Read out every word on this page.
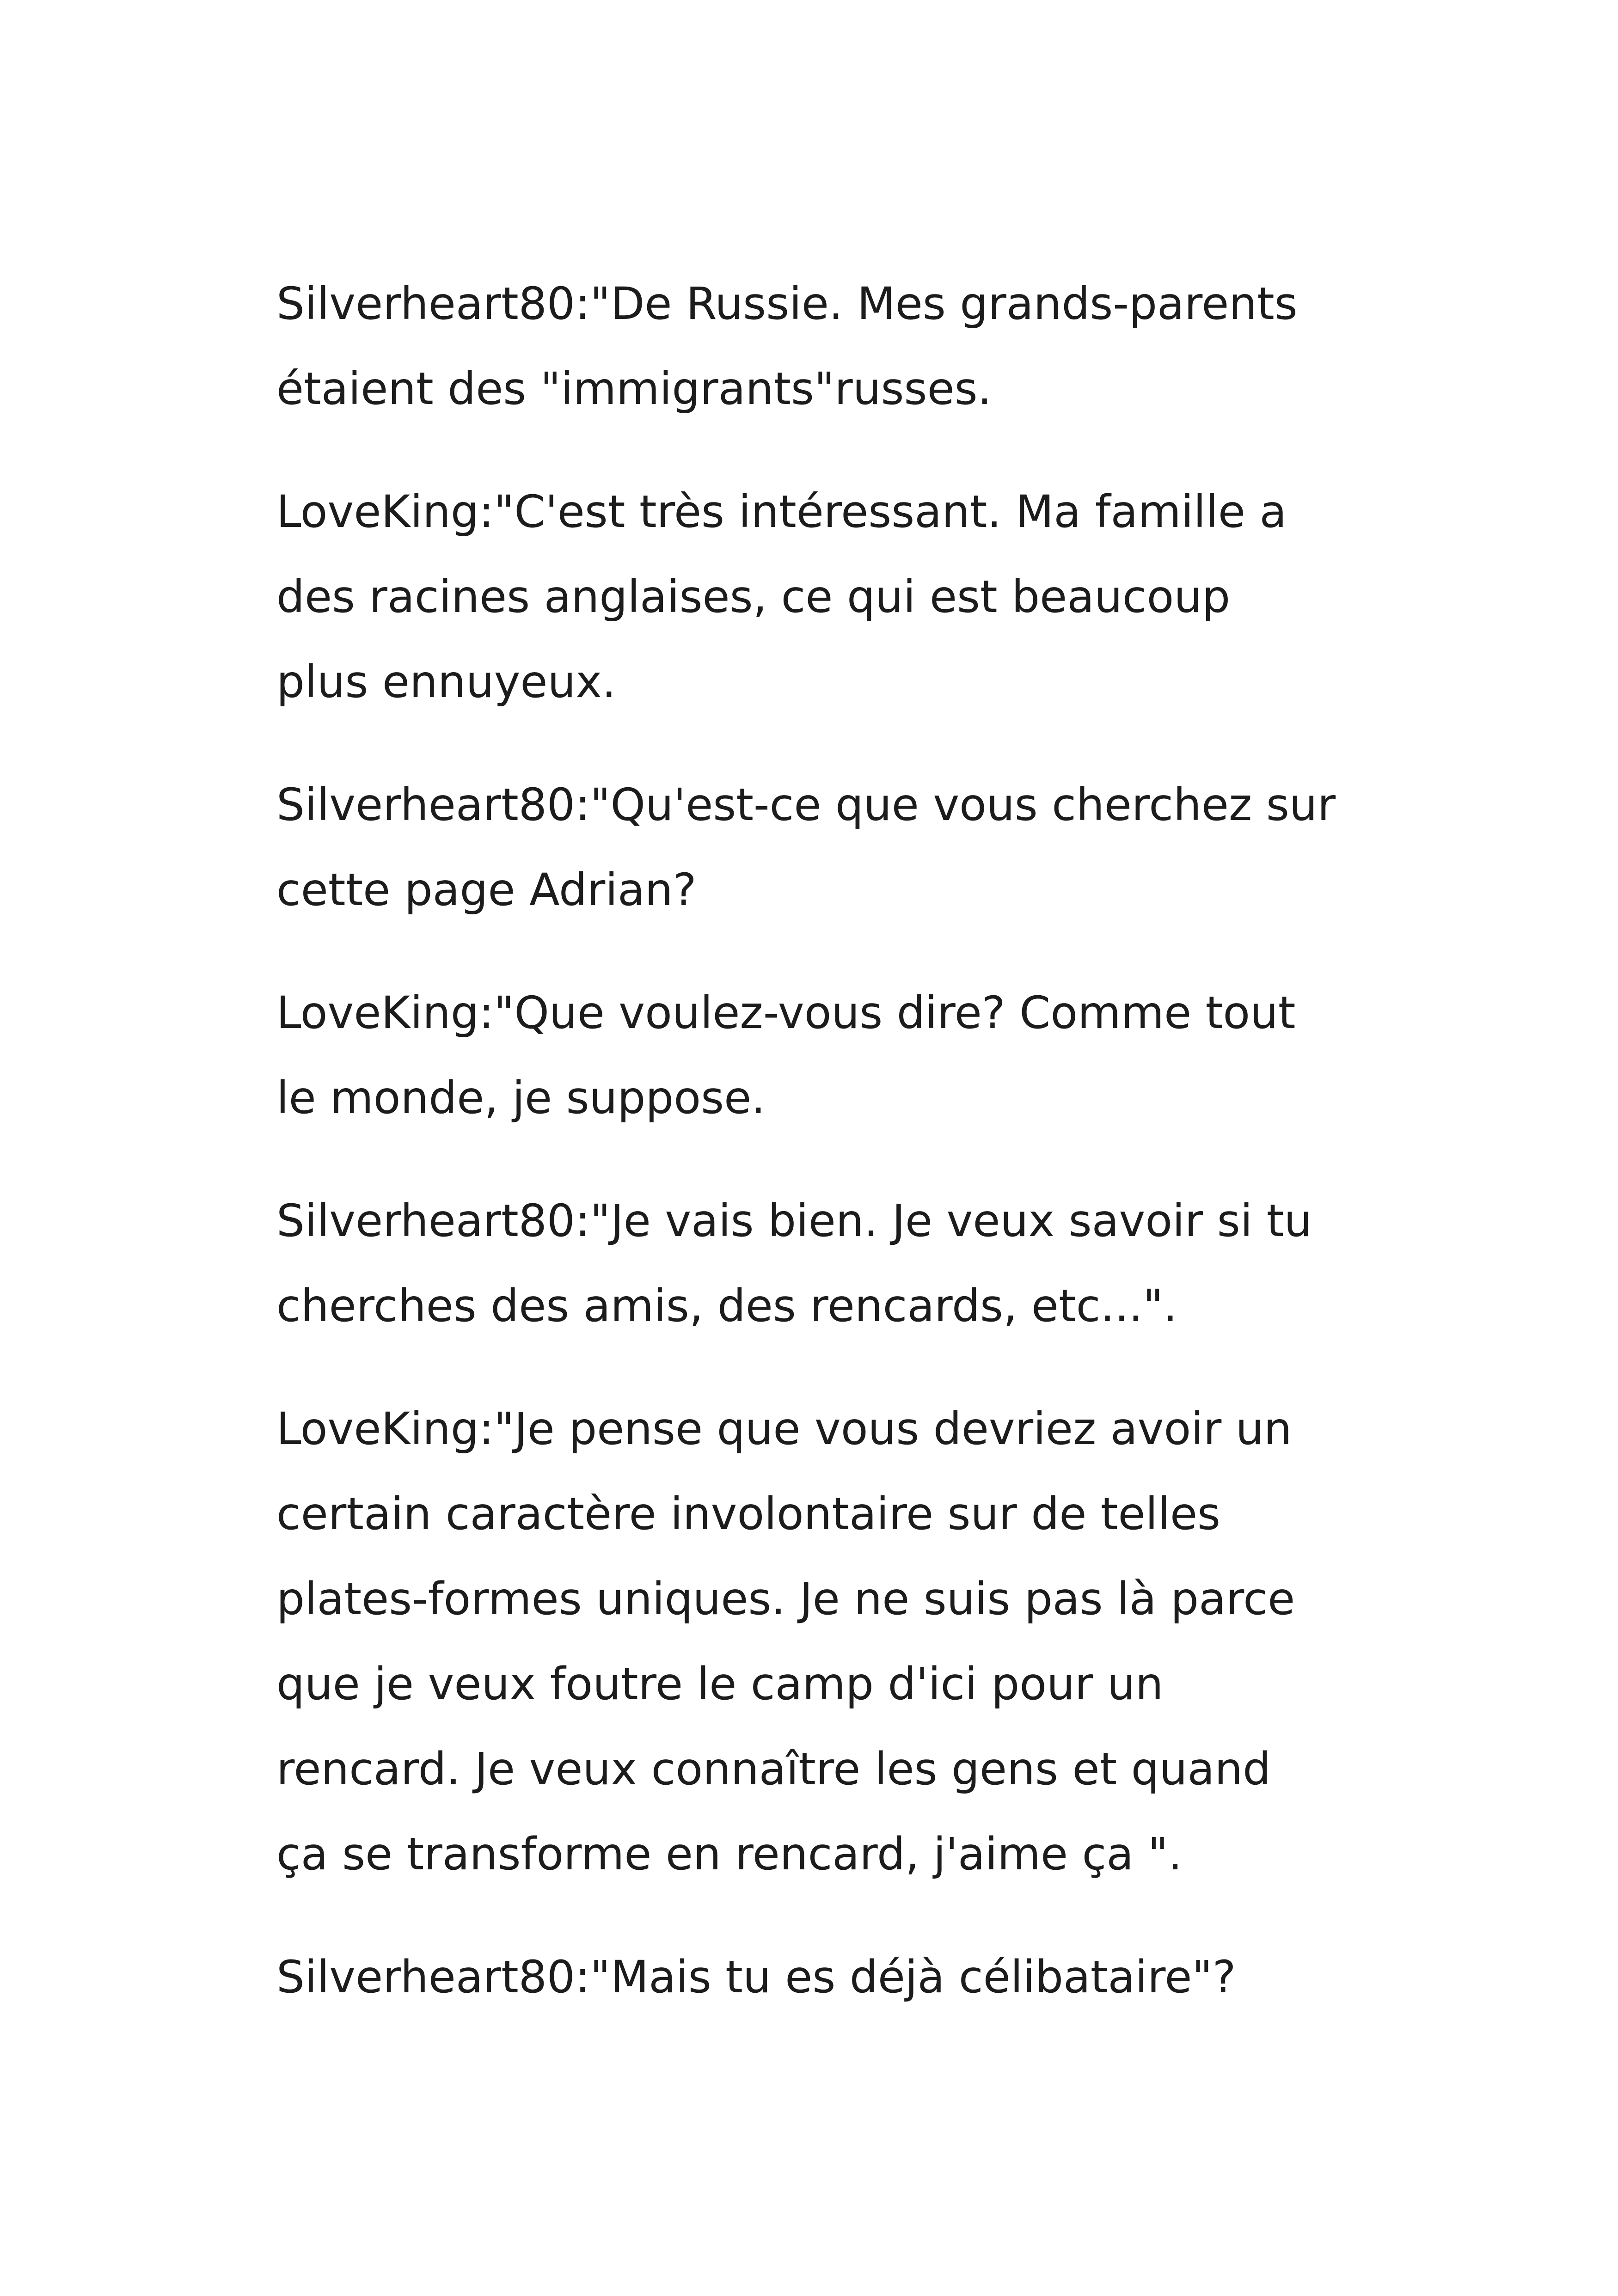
Silverheart80:"De Russie. Mes grands-parents
étaient des "immigrants"russes.

LoveKing:"C'est très intéressant. Ma famille a
des racines anglaises, ce qui est beaucoup
plus ennuyeux.

Silverheart80:"Qu'est-ce que vous cherchez sur
cette page Adrian?

LoveKing:"Que voulez-vous dire? Comme tout
le monde, je suppose.

Silverheart80:"Je vais bien. Je veux savoir si tu
cherches des amis, des rencards, etc...".

LoveKing:"Je pense que vous devriez avoir un
certain caractère involontaire sur de telles
plates-formes uniques. Je ne suis pas là parce
que je veux foutre le camp d'ici pour un
rencard. Je veux connaître les gens et quand
ça se transforme en rencard, j'aime ça ".

Silverheart80:"Mais tu es déjà célibataire"?
